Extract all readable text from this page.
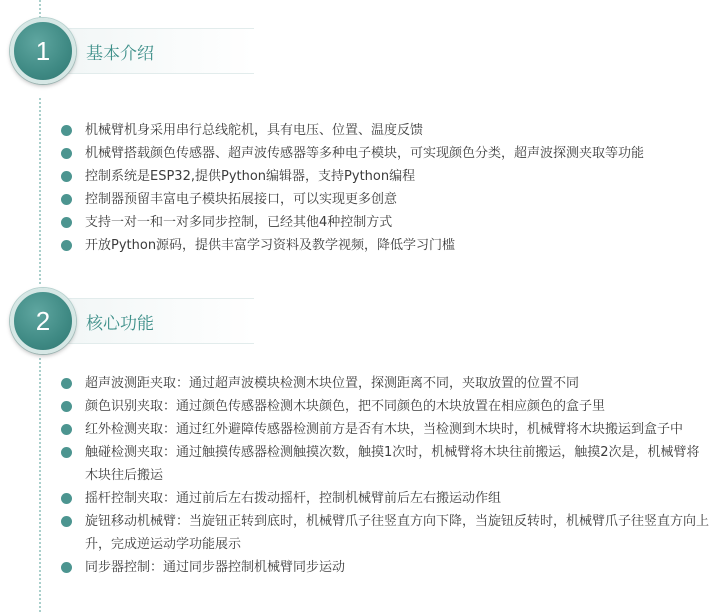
1	基本介绍
机械臂机身采用串行总线舵机，具有电压、位置、温度反馈
机械臂搭载颜色传感器、超声波传感器等多种电子模块，可实现颜色分类，超声波探测夹取等功能
控制系统是ESP32,提供Python编辑器，支持Python编程
控制器预留丰富电子模块拓展接口，可以实现更多创意
支持一对一和一对多同步控制，已经其他4种控制方式
开放Python源码，提供丰富学习资料及教学视频，降低学习门槛
2	核心功能
超声波测距夹取：通过超声波模块检测木块位置，探测距离不同，夹取放置的位置不同
颜色识别夹取：通过颜色传感器检测木块颜色，把不同颜色的木块放置在相应颜色的盒子里
红外检测夹取：通过红外避障传感器检测前方是否有木块，当检测到木块时，机械臂将木块搬运到盒子中
触碰检测夹取：通过触摸传感器检测触摸次数，触摸1次时，机械臂将木块往前搬运，触摸2次是，机械臂将木块往后搬运
摇杆控制夹取：通过前后左右拨动摇杆，控制机械臂前后左右搬运动作组
旋钮移动机械臂：当旋钮正转到底时，机械臂爪子往竖直方向下降，当旋钮反转时，机械臂爪子往竖直方向上升，完成逆运动学功能展示
同步器控制：通过同步器控制机械臂同步运动
